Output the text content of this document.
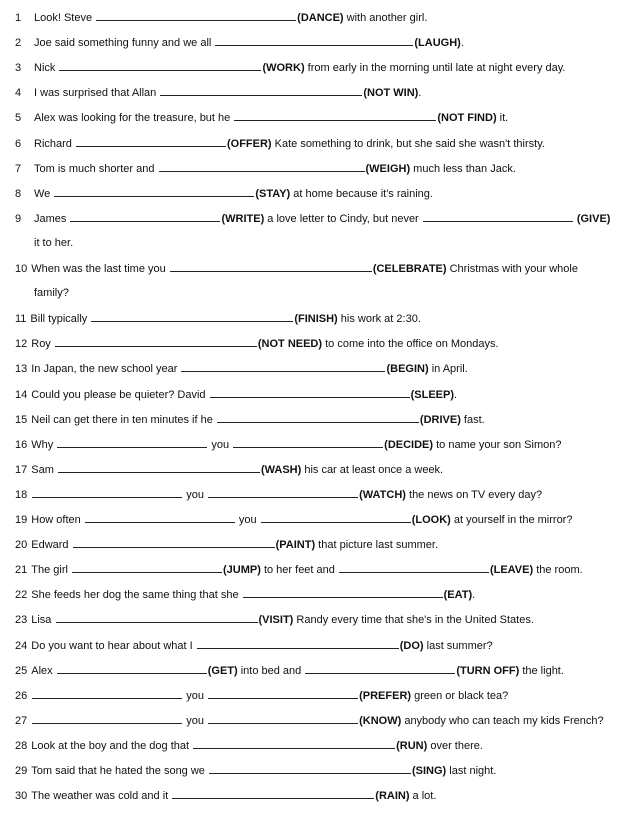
1 Look! Steve	(DANCE) with another girl.
2 Joe said something funny and we all	(LAUGH).
3 Nick	(WORK) from early in the morning until late at night every day.
4 I was surprised that Allan	(NOT WIN).
5 Alex was looking for the treasure, but he	(NOT FIND) it.
6 Richard	(OFFER) Kate something to drink, but she said she wasn't thirsty.
7 Tom is much shorter and	(WEIGH) much less than Jack.
8 We	(STAY) at home because it's raining.
9 James	(WRITE) a love letter to Cindy, but never	(GIVE)
it to her.
10 When was the last time you	(CELEBRATE) Christmas with your whole
family?
11 Bill typically	(FINISH) his work at 2:30.
12 Roy	(NOT NEED) to come into the office on Mondays.
13 In Japan, the new school year	(BEGIN) in April.
14 Could you please be quieter? David	(SLEEP).
15 Neil can get there in ten minutes if he	(DRIVE) fast.
16 Why	you	(DECIDE) to name your son Simon?
17 Sam	(WASH) his car at least once a week.
18	you	(WATCH) the news on TV every day?
19 How often	you	(LOOK) at yourself in the mirror?
20 Edward	(PAINT) that picture last summer.
21 The girl	(JUMP) to her feet and	(LEAVE) the room.
22 She feeds her dog the same thing that she	(EAT).
23 Lisa	(VISIT) Randy every time that she's in the United States.
24 Do you want to hear about what I	(DO) last summer?
25 Alex	(GET) into bed and	(TURN OFF) the light.
26	you	(PREFER) green or black tea?
27	you	(KNOW) anybody who can teach my kids French?
28 Look at the boy and the dog that	(RUN) over there.
29 Tom said that he hated the song we	(SING) last night.
30 The weather was cold and it	(RAIN) a lot.
